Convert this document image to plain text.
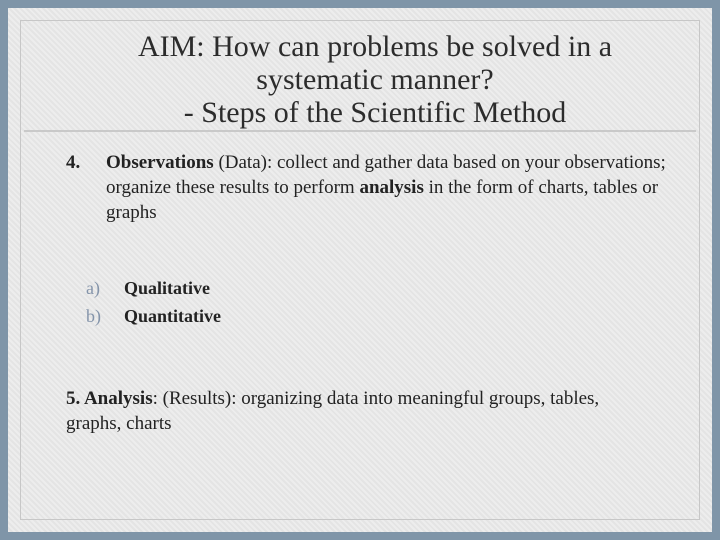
AIM: How can problems be solved in a
systematic manner?
- Steps of the Scientific Method
4. Observations (Data): collect and gather data based on your observations; organize these results to perform analysis in the form of charts, tables or graphs
a) Qualitative
b) Quantitative
5. Analysis: (Results): organizing data into meaningful groups, tables, graphs, charts
